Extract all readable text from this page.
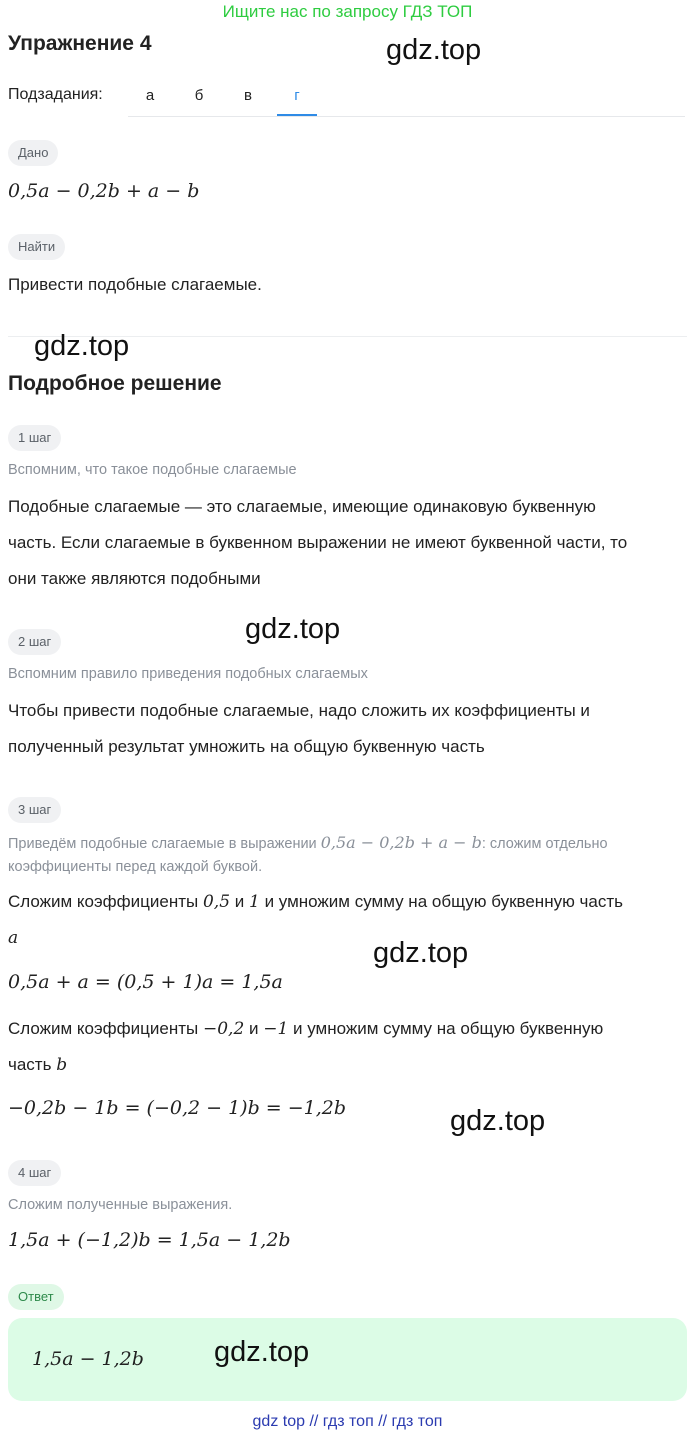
Ищите нас по запросу ГДЗ ТОП
Упражнение 4	gdz.top
Подзадания:	а	б	в	г
Дано
0,5a − 0,2b + a − b
Найти
Привести подобные слагаемые.
gdz.top
Подробное решение
1 шаг
Вспомним, что такое подобные слагаемые
Подобные слагаемые — это слагаемые, имеющие одинаковую буквенную
часть. Если слагаемые в буквенном выражении не имеют буквенной части, то
они также являются подобными
2 шаг	gdz.top
Вспомним правило приведения подобных слагаемых
Чтобы привести подобные слагаемые, надо сложить их коэффициенты и
полученный результат умножить на общую буквенную часть
3 шаг
Приведём подобные слагаемые в выражении 0,5a − 0,2b + a − b: сложим отдельно
коэффициенты перед каждой буквой.
Сложим коэффициенты 0,5 и 1 и умножим сумму на общую буквенную часть
a	gdz.top
0,5a + a = (0,5 + 1)a = 1,5a
Сложим коэффициенты −0,2 и −1 и умножим сумму на общую буквенную
часть b
−0,2b − 1b = (−0,2 − 1)b = −1,2b	gdz.top
4 шаг
Сложим полученные выражения.
1,5a + (−1,2)b = 1,5a − 1,2b
Ответ
1,5a − 1,2b gdz.top
gdz top // гдз топ // гдз топ
